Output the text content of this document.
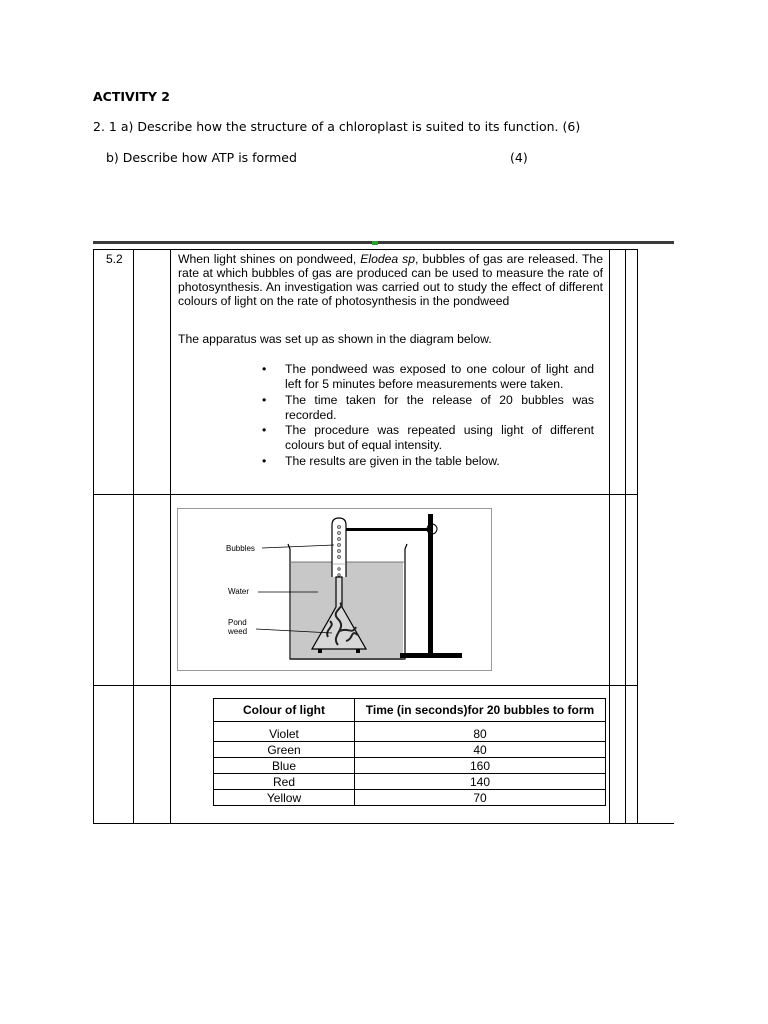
ACTIVITY 2
2. 1 a) Describe how the structure of a chloroplast is suited to its function. (6)
b) Describe how ATP is formed	(4)
5.2	When light shines on pondweed, Elodea sp, bubbles of gas are released. The rate at which bubbles of gas are produced can be used to measure the rate of photosynthesis. An investigation was carried out to study the effect of different colours of light on the rate of photosynthesis in the pondweed
The apparatus was set up as shown in the diagram below.
• The pondweed was exposed to one colour of light and left for 5 minutes before measurements were taken.
• The time taken for the release of 20 bubbles was recorded.
• The procedure was repeated using light of different colours but of equal intensity.
• The results are given in the table below.
Bubbles
Water
Pond
weed
Colour of light	Time (in seconds)for 20 bubbles to form
Violet	80
Green	40
Blue	160
Red	140
Yellow	70
